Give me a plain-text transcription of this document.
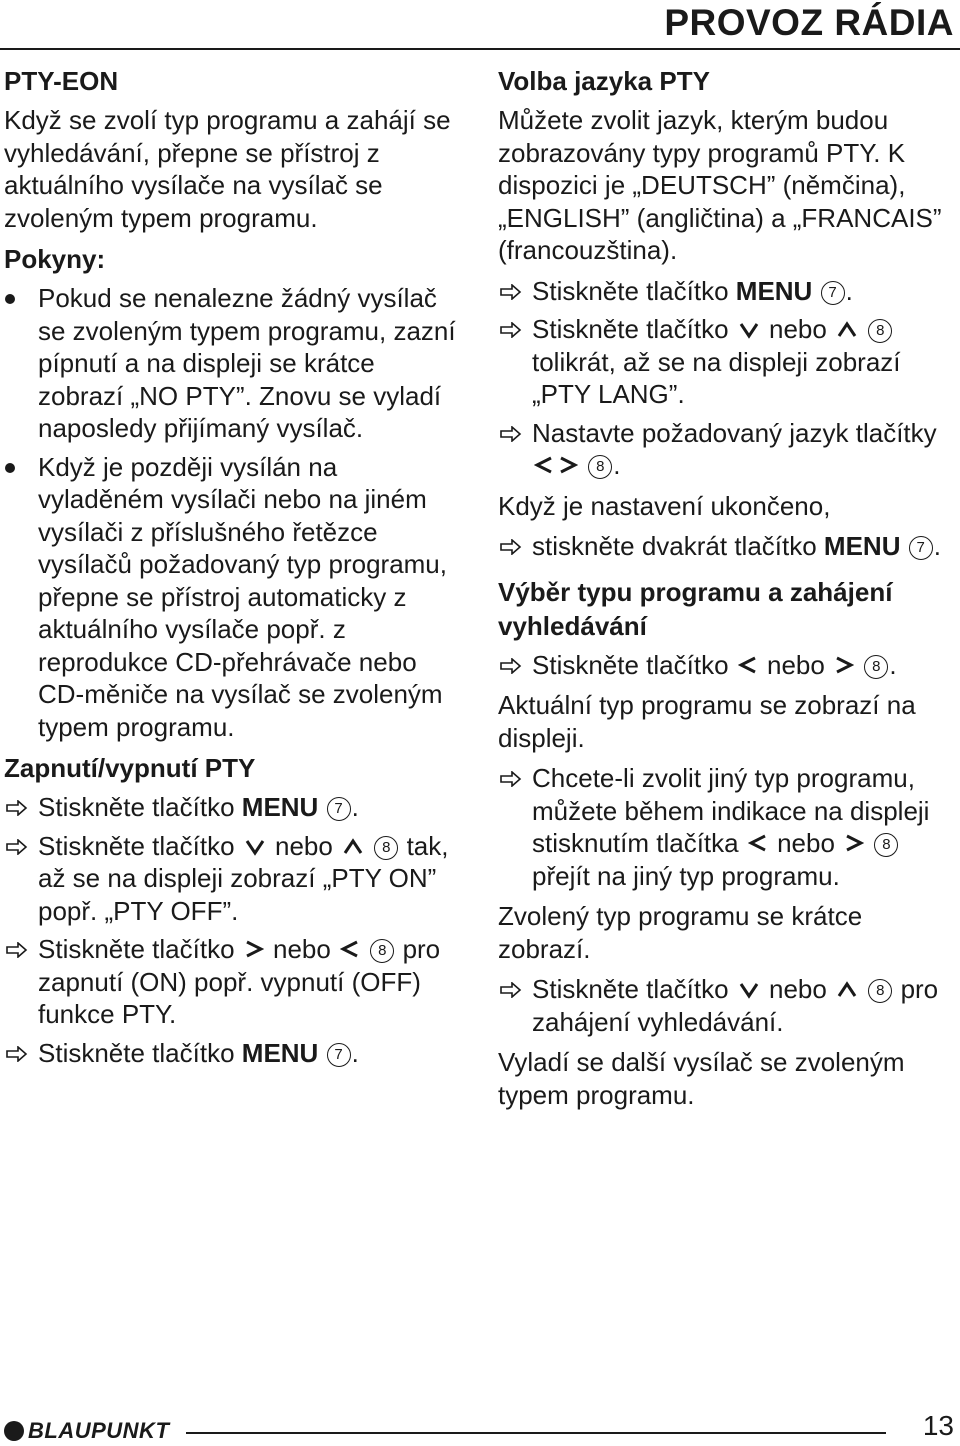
PROVOZ RÁDIA
PTY-EON
Když se zvolí typ programu a zahájí se vyhledávání, přepne se přístroj z aktuálního vysílače na vysílač se zvoleným typem programu.
Pokyny:
Pokud se nenalezne žádný vysílač se zvoleným typem programu, zazní pípnutí a na displeji se krátce zobrazí „NO PTY”. Znovu se vyladí naposledy přijímaný vysílač.
Když je později vysílán na vyladěném vysílači nebo na jiném vysílači z příslušného řetězce vysílačů požadovaný typ programu, přepne se přístroj automaticky z aktuálního vysílače popř. z reprodukce CD-přehrávače nebo CD-měniče na vysílač se zvoleným typem programu.
Zapnutí/vypnutí PTY
Stiskněte tlačítko MENU 7 .
Stiskněte tlačítko nebo	8 tak, až se na displeji zobrazí „PTY ON” popř. „PTY OFF”.
Stiskněte tlačítko nebo	8 pro zapnutí (ON) popř. vypnutí (OFF) funkce PTY.
Stiskněte tlačítko MENU 7 .
Volba jazyka PTY
Můžete zvolit jazyk, kterým budou zobrazovány typy programů PTY. K dispozici je „DEUTSCH” (němčina), „ENGLISH” (angličtina) a „FRANCAIS” (francouzština).
Stiskněte tlačítko MENU 7 .
Stiskněte tlačítko nebo	8 tolikrát, až se na displeji zobrazí „PTY LANG”.
Nastavte požadovaný jazyk tlačítky  8 .
Když je nastavení ukončeno,
stiskněte dvakrát tlačítko MENU 7 .
Výběr typu programu a zahájení vyhledávání
Stiskněte tlačítko nebo	8 .
Aktuální typ programu se zobrazí na displeji.
Chcete-li zvolit jiný typ programu, můžete během indikace na displeji stisknutím tlačítka nebo	8 přejít na jiný typ programu.
Zvolený typ programu se krátce zobrazí.
Stiskněte tlačítko nebo	8 pro zahájení vyhledávání.
Vyladí se další vysílač se zvoleným typem programu.
BLAUPUNKT	13
